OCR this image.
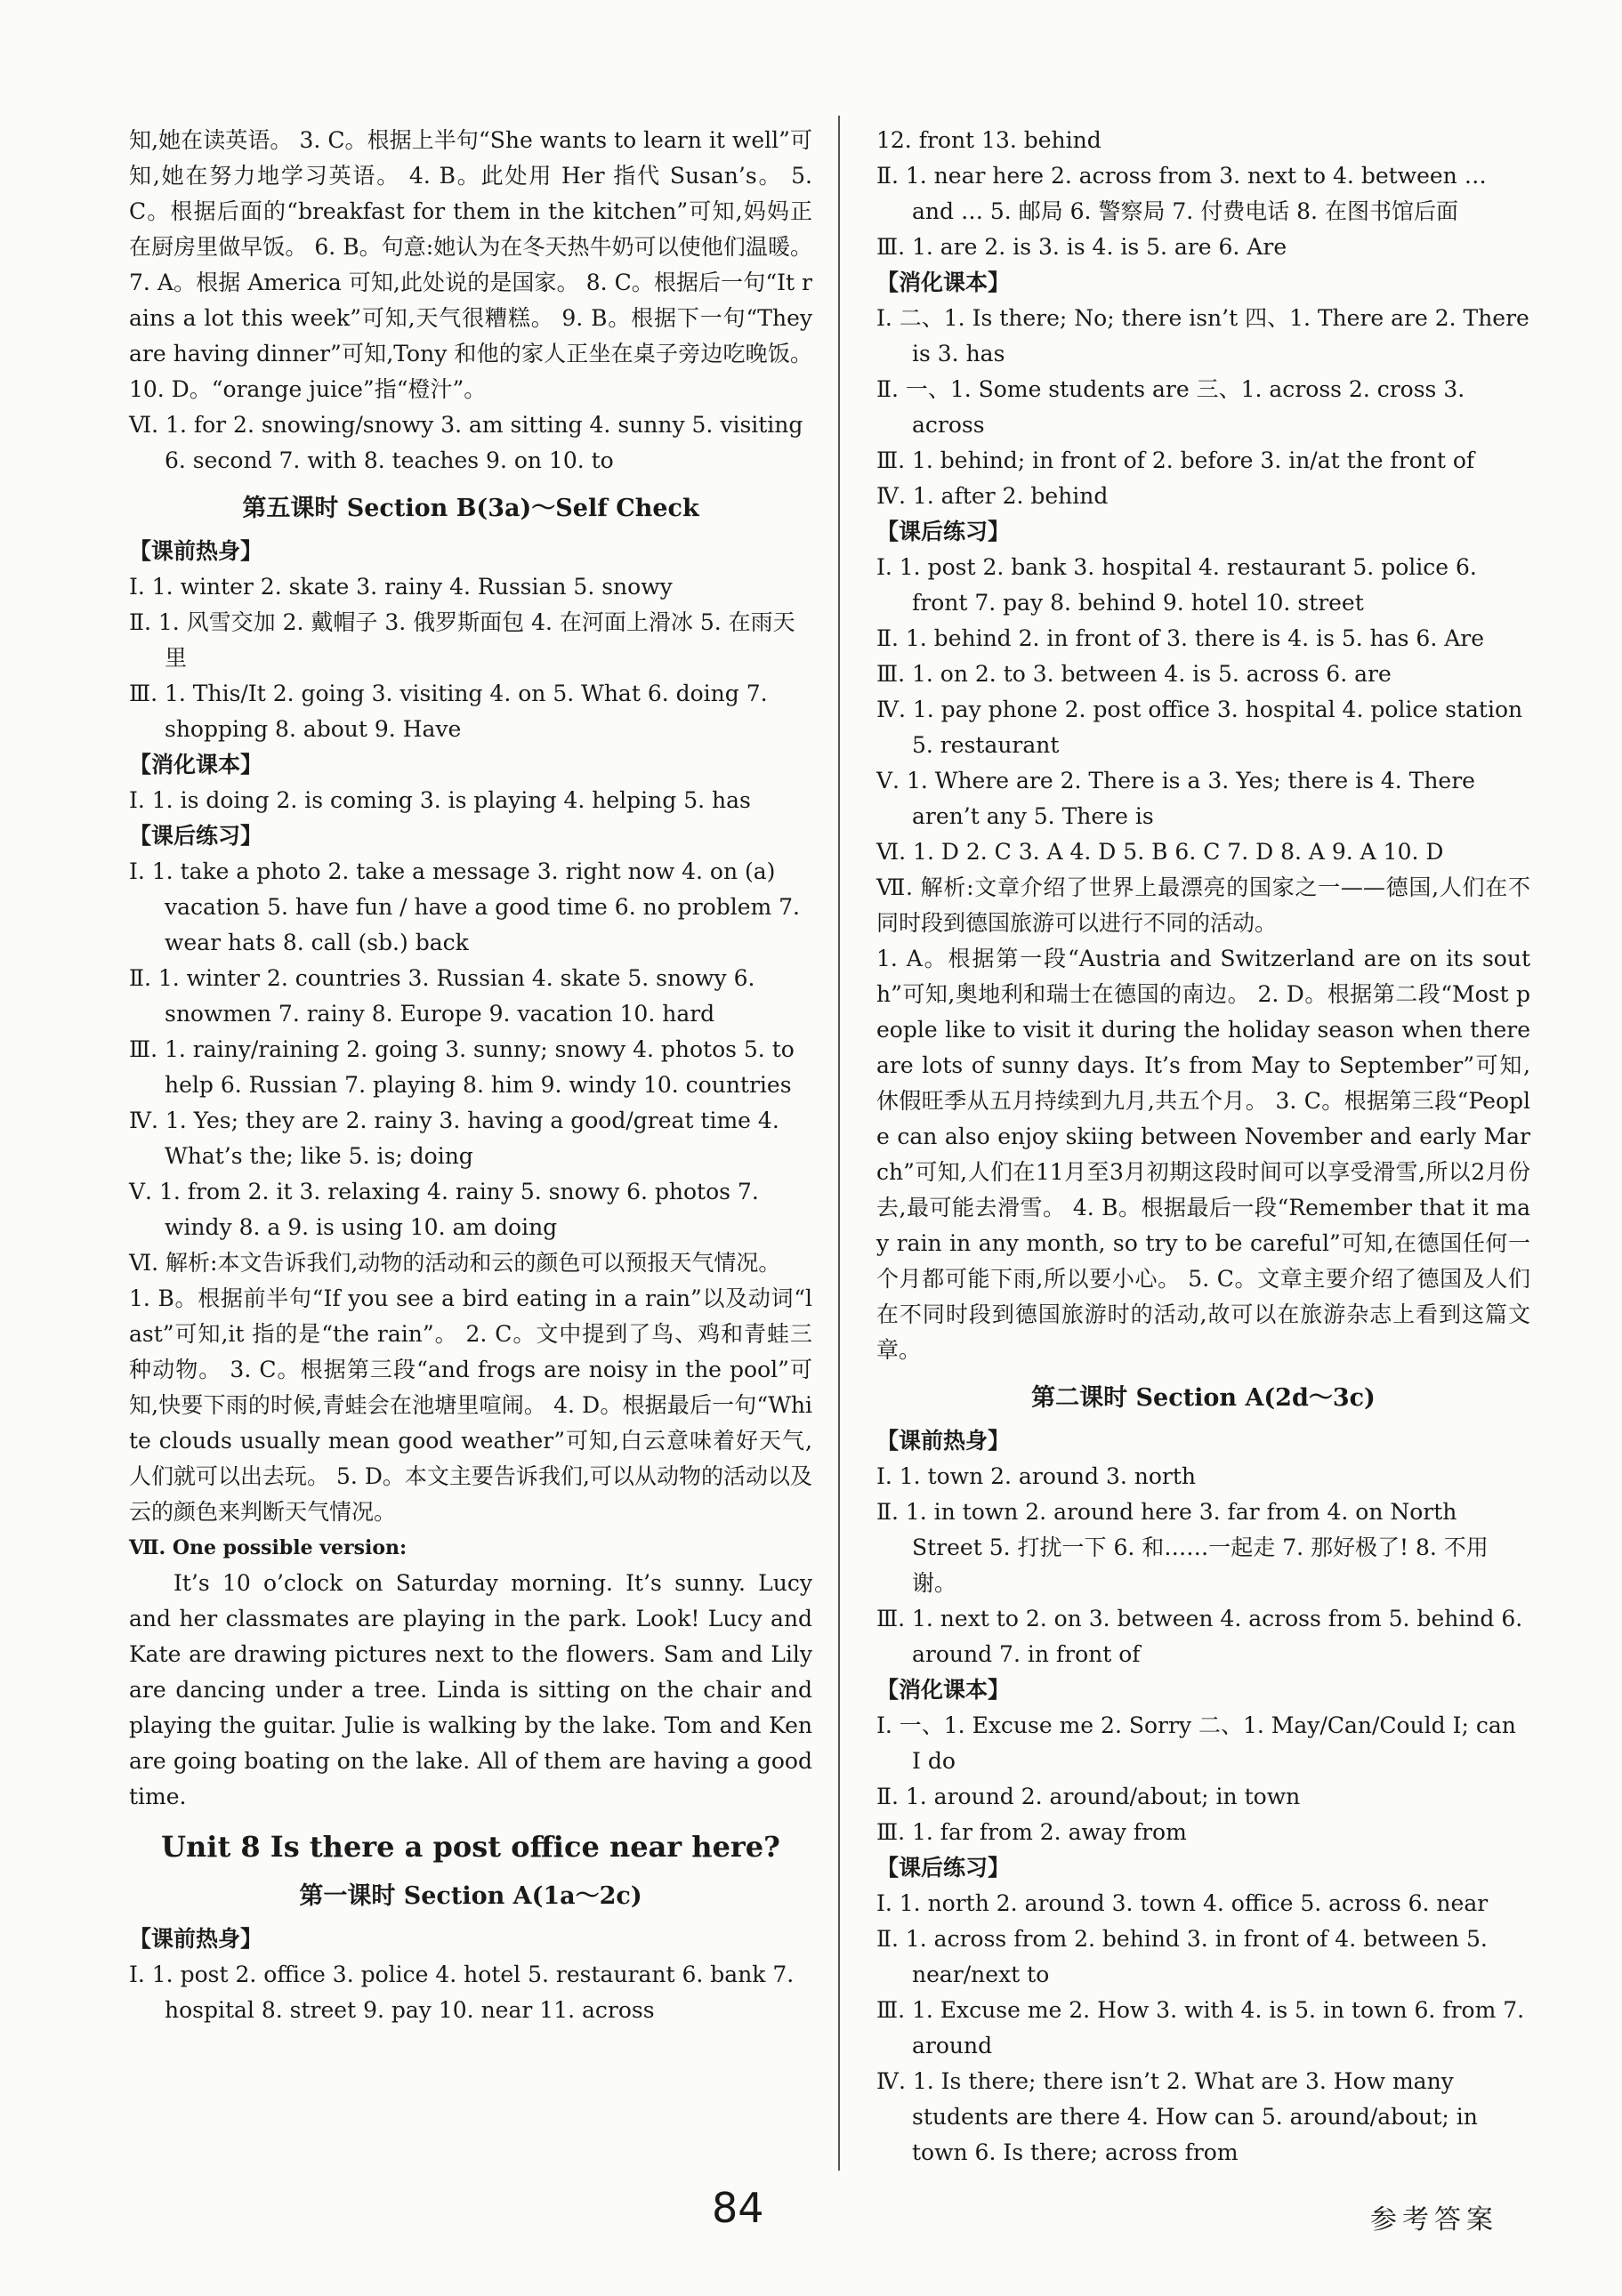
知,她在读英语。 3. C。根据上半句“She wants to learn it well”可知,她在努力地学习英语。 4. B。此处用 Her 指代 Susan’s。 5. C。根据后面的“breakfast for them in the kitchen”可知,妈妈正在厨房里做早饭。 6. B。句意:她认为在冬天热牛奶可以使他们温暖。 7. A。根据 America 可知,此处说的是国家。 8. C。根据后一句“It rains a lot this week”可知,天气很糟糕。 9. B。根据下一句“They are having dinner”可知,Tony 和他的家人正坐在桌子旁边吃晚饭。 10. D。“orange juice”指“橙汁”。
Ⅵ. 1. for 2. snowing/snowy 3. am sitting 4. sunny 5. visiting 6. second 7. with 8. teaches 9. on 10. to
第五课时 Section B(3a)～Self Check
【课前热身】
Ⅰ. 1. winter 2. skate 3. rainy 4. Russian 5. snowy
Ⅱ. 1. 风雪交加 2. 戴帽子 3. 俄罗斯面包 4. 在河面上滑冰 5. 在雨天里
Ⅲ. 1. This/It 2. going 3. visiting 4. on 5. What 6. doing 7. shopping 8. about 9. Have
【消化课本】
Ⅰ. 1. is doing 2. is coming 3. is playing 4. helping 5. has
【课后练习】
Ⅰ. 1. take a photo 2. take a message 3. right now 4. on (a) vacation 5. have fun / have a good time 6. no problem 7. wear hats 8. call (sb.) back
Ⅱ. 1. winter 2. countries 3. Russian 4. skate 5. snowy 6. snowmen 7. rainy 8. Europe 9. vacation 10. hard
Ⅲ. 1. rainy/raining 2. going 3. sunny; snowy 4. photos 5. to help 6. Russian 7. playing 8. him 9. windy 10. countries
Ⅳ. 1. Yes; they are 2. rainy 3. having a good/great time 4. What’s the; like 5. is; doing
Ⅴ. 1. from 2. it 3. relaxing 4. rainy 5. snowy 6. photos 7. windy 8. a 9. is using 10. am doing
Ⅵ. 解析:本文告诉我们,动物的活动和云的颜色可以预报天气情况。
1. B。根据前半句“If you see a bird eating in a rain”以及动词“last”可知,it 指的是“the rain”。 2. C。文中提到了鸟、鸡和青蛙三种动物。 3. C。根据第三段“and frogs are noisy in the pool”可知,快要下雨的时候,青蛙会在池塘里喧闹。 4. D。根据最后一句“White clouds usually mean good weather”可知,白云意味着好天气,人们就可以出去玩。 5. D。本文主要告诉我们,可以从动物的活动以及云的颜色来判断天气情况。
Ⅶ. One possible version:
It’s 10 o’clock on Saturday morning. It’s sunny. Lucy and her classmates are playing in the park. Look! Lucy and Kate are drawing pictures next to the flowers. Sam and Lily are dancing under a tree. Linda is sitting on the chair and playing the guitar. Julie is walking by the lake. Tom and Ken are going boating on the lake. All of them are having a good time.
Unit 8 Is there a post office near here?
第一课时 Section A(1a～2c)
【课前热身】
Ⅰ. 1. post 2. office 3. police 4. hotel 5. restaurant 6. bank 7. hospital 8. street 9. pay 10. near 11. across
12. front 13. behind
Ⅱ. 1. near here 2. across from 3. next to 4. between … and … 5. 邮局 6. 警察局 7. 付费电话 8. 在图书馆后面
Ⅲ. 1. are 2. is 3. is 4. is 5. are 6. Are
【消化课本】
Ⅰ. 二、1. Is there; No; there isn’t 四、1. There are 2. There is 3. has
Ⅱ. 一、1. Some students are 三、1. across 2. cross 3. across
Ⅲ. 1. behind; in front of 2. before 3. in/at the front of
Ⅳ. 1. after 2. behind
【课后练习】
Ⅰ. 1. post 2. bank 3. hospital 4. restaurant 5. police 6. front 7. pay 8. behind 9. hotel 10. street
Ⅱ. 1. behind 2. in front of 3. there is 4. is 5. has 6. Are
Ⅲ. 1. on 2. to 3. between 4. is 5. across 6. are
Ⅳ. 1. pay phone 2. post office 3. hospital 4. police station 5. restaurant
Ⅴ. 1. Where are 2. There is a 3. Yes; there is 4. There aren’t any 5. There is
Ⅵ. 1. D 2. C 3. A 4. D 5. B 6. C 7. D 8. A 9. A 10. D
Ⅶ. 解析:文章介绍了世界上最漂亮的国家之一——德国,人们在不同时段到德国旅游可以进行不同的活动。
1. A。根据第一段“Austria and Switzerland are on its south”可知,奥地利和瑞士在德国的南边。 2. D。根据第二段“Most people like to visit it during the holiday season when there are lots of sunny days. It’s from May to September”可知,休假旺季从五月持续到九月,共五个月。 3. C。根据第三段“People can also enjoy skiing between November and early March”可知,人们在11月至3月初期这段时间可以享受滑雪,所以2月份去,最可能去滑雪。 4. B。根据最后一段“Remember that it may rain in any month, so try to be careful”可知,在德国任何一个月都可能下雨,所以要小心。 5. C。文章主要介绍了德国及人们在不同时段到德国旅游时的活动,故可以在旅游杂志上看到这篇文章。
第二课时 Section A(2d～3c)
【课前热身】
Ⅰ. 1. town 2. around 3. north
Ⅱ. 1. in town 2. around here 3. far from 4. on North Street 5. 打扰一下 6. 和……一起走 7. 那好极了! 8. 不用谢。
Ⅲ. 1. next to 2. on 3. between 4. across from 5. behind 6. around 7. in front of
【消化课本】
Ⅰ. 一、1. Excuse me 2. Sorry 二、1. May/Can/Could I; can I do
Ⅱ. 1. around 2. around/about; in town
Ⅲ. 1. far from 2. away from
【课后练习】
Ⅰ. 1. north 2. around 3. town 4. office 5. across 6. near
Ⅱ. 1. across from 2. behind 3. in front of 4. between 5. near/next to
Ⅲ. 1. Excuse me 2. How 3. with 4. is 5. in town 6. from 7. around
Ⅳ. 1. Is there; there isn’t 2. What are 3. How many students are there 4. How can 5. around/about; in town 6. Is there; across from
84	参考答案
